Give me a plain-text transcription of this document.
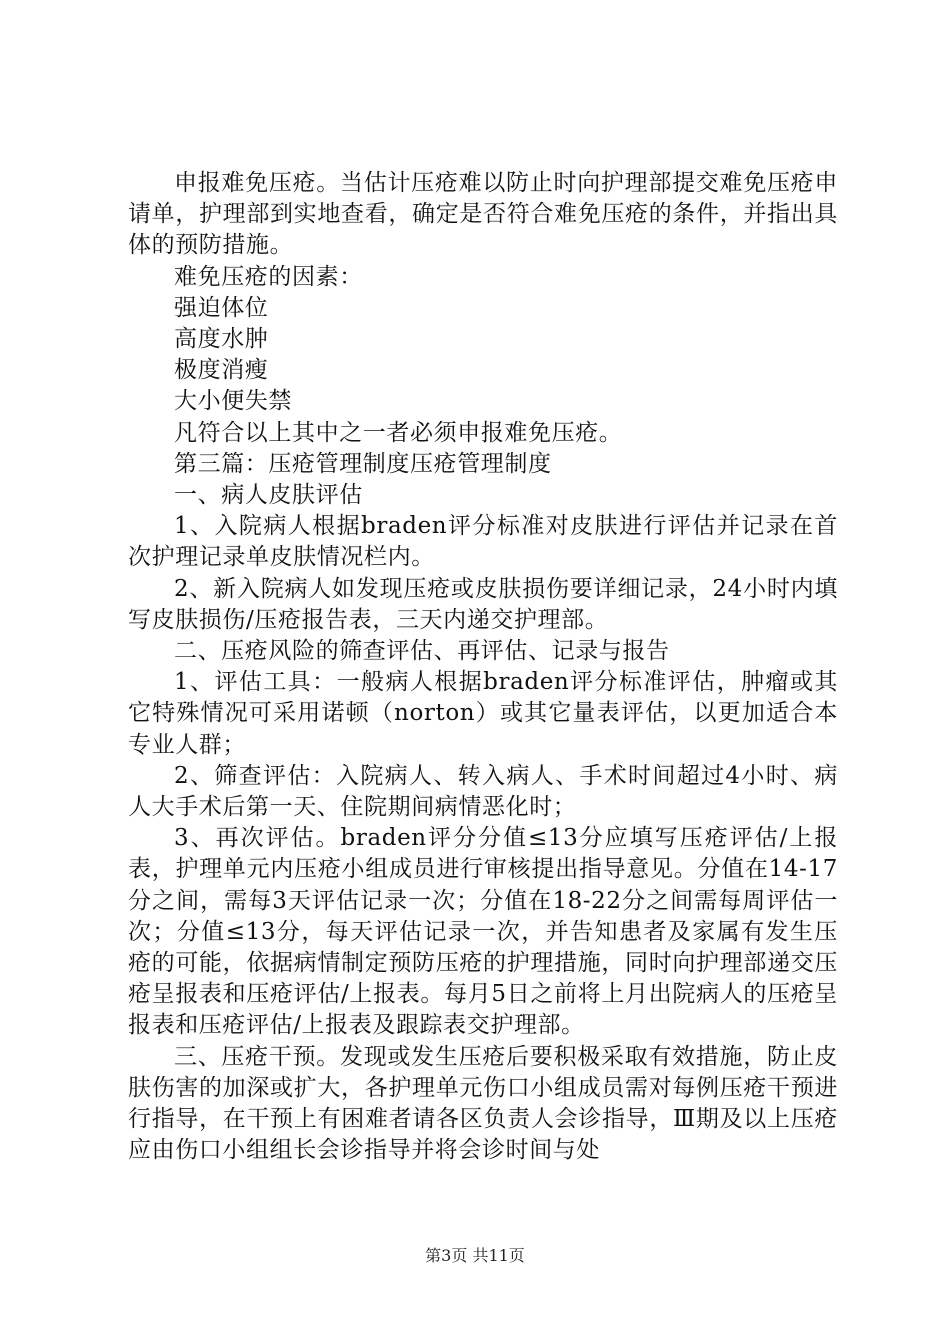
申报难免压疮。当估计压疮难以防止时向护理部提交难免压疮申请单，护理部到实地查看，确定是否符合难免压疮的条件，并指出具体的预防措施。

难免压疮的因素：

强迫体位

高度水肿

极度消瘦

大小便失禁

凡符合以上其中之一者必须申报难免压疮。

第三篇：压疮管理制度压疮管理制度

一、病人皮肤评估

1、入院病人根据braden评分标准对皮肤进行评估并记录在首次护理记录单皮肤情况栏内。

2、新入院病人如发现压疮或皮肤损伤要详细记录，24小时内填写皮肤损伤/压疮报告表，三天内递交护理部。

二、压疮风险的筛查评估、再评估、记录与报告

1、评估工具：一般病人根据braden评分标准评估，肿瘤或其它特殊情况可采用诺顿（norton）或其它量表评估，以更加适合本专业人群；

2、筛查评估：入院病人、转入病人、手术时间超过4小时、病人大手术后第一天、住院期间病情恶化时；

3、再次评估。braden评分分值≤13分应填写压疮评估/上报表，护理单元内压疮小组成员进行审核提出指导意见。分值在14-17分之间，需每3天评估记录一次；分值在18-22分之间需每周评估一次；分值≤13分，每天评估记录一次，并告知患者及家属有发生压疮的可能，依据病情制定预防压疮的护理措施，同时向护理部递交压疮呈报表和压疮评估/上报表。每月5日之前将上月出院病人的压疮呈报表和压疮评估/上报表及跟踪表交护理部。

三、压疮干预。发现或发生压疮后要积极采取有效措施，防止皮肤伤害的加深或扩大，各护理单元伤口小组成员需对每例压疮干预进行指导，在干预上有困难者请各区负责人会诊指导，Ⅲ期及以上压疮应由伤口小组组长会诊指导并将会诊时间与处

第3页 共11页
